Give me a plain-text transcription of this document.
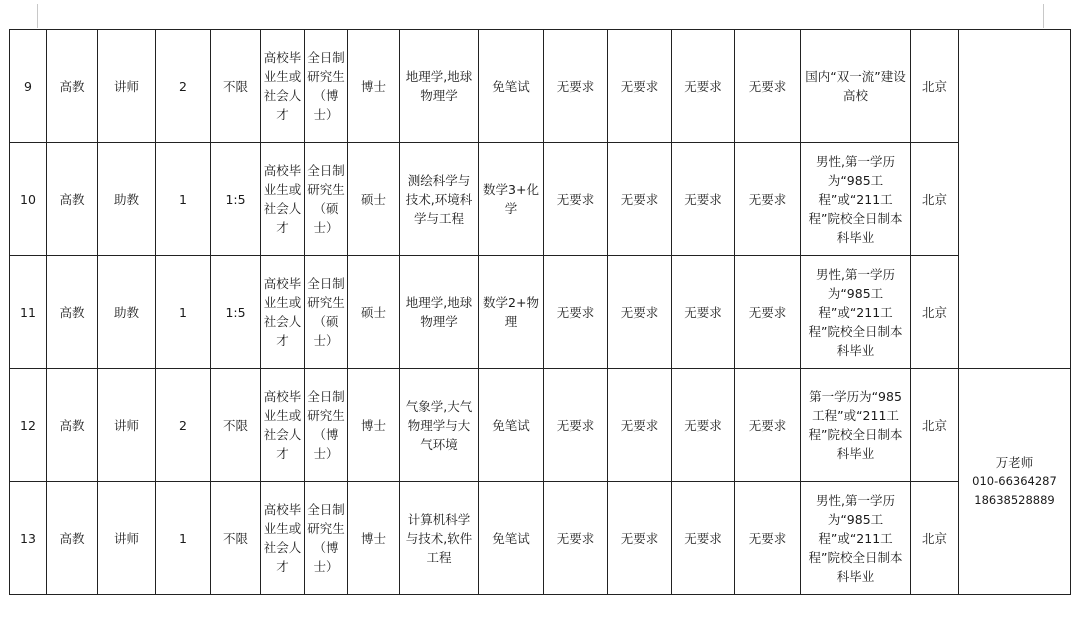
9	高教	讲师	2	不限	高校毕业生或社会人才	全日制研究生（博士）	博士	地理学,地球物理学	免笔试	无要求	无要求	无要求	无要求	国内“双一流”建设高校	北京	
10	高教	助教	1	1:5	高校毕业生或社会人才	全日制研究生（硕士）	硕士	测绘科学与技术,环境科学与工程	数学3+化学	无要求	无要求	无要求	无要求	男性,第一学历为“985工程”或“211工程”院校全日制本科毕业	北京	
11	高教	助教	1	1:5	高校毕业生或社会人才	全日制研究生（硕士）	硕士	地理学,地球物理学	数学2+物理	无要求	无要求	无要求	无要求	男性,第一学历为“985工程”或“211工程”院校全日制本科毕业	北京	
12	高教	讲师	2	不限	高校毕业生或社会人才	全日制研究生（博士）	博士	气象学,大气物理学与大气环境	免笔试	无要求	无要求	无要求	无要求	第一学历为“985工程”或“211工程”院校全日制本科毕业	北京	万老师
010-66364287
18638528889

13	高教	讲师	1	不限	高校毕业生或社会人才	全日制研究生（博士）	博士	计算机科学与技术,软件工程	免笔试	无要求	无要求	无要求	无要求	男性,第一学历为“985工程”或“211工程”院校全日制本科毕业	北京	
